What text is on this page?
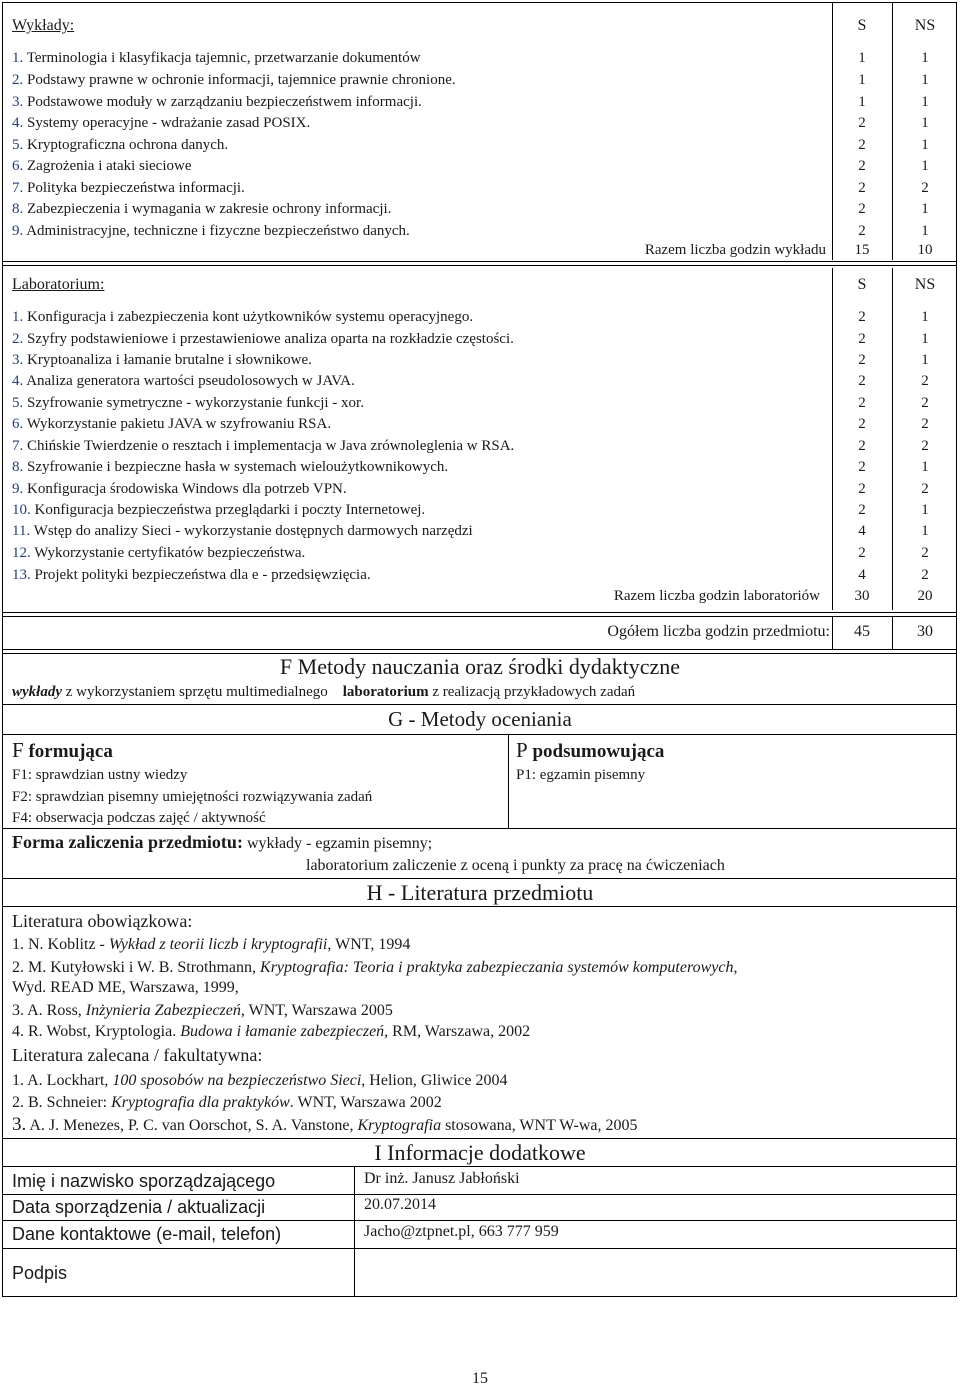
Wykłady:	S	NS
1. Terminologia i klasyfikacja tajemnic, przetwarzanie dokumentów	1	1
2. Podstawy prawne w ochronie informacji, tajemnice prawnie chronione.	1	1
3. Podstawowe moduły w zarządzaniu bezpieczeństwem informacji.	1	1
4. Systemy operacyjne - wdrażanie zasad POSIX.	2	1
5. Kryptograficzna ochrona danych.	2	1
6. Zagrożenia i ataki sieciowe	2	1
7. Polityka bezpieczeństwa informacji.	2	2
8. Zabezpieczenia i wymagania w zakresie ochrony informacji.	2	1
9. Administracyjne, techniczne i fizyczne bezpieczeństwo danych.	2	1
Razem liczba godzin wykładu	15	10
Laboratorium:	S	NS
1. Konfiguracja i zabezpieczenia kont użytkowników systemu operacyjnego.	2	1
2. Szyfry podstawieniowe i przestawieniowe analiza oparta na rozkładzie częstości.	2	1
3. Kryptoanaliza i łamanie brutalne i słownikowe.	2	1
4. Analiza generatora wartości pseudolosowych w JAVA.	2	2
5. Szyfrowanie symetryczne - wykorzystanie funkcji - xor.	2	2
6. Wykorzystanie pakietu JAVA w szyfrowaniu RSA.	2	2
7. Chińskie Twierdzenie o resztach i implementacja w Java zrównoleglenia w RSA.	2	2
8. Szyfrowanie i bezpieczne hasła w systemach wieloużytkownikowych.	2	1
9. Konfiguracja środowiska Windows dla potrzeb VPN.	2	2
10. Konfiguracja bezpieczeństwa przeglądarki i poczty Internetowej.	2	1
11. Wstęp do analizy Sieci - wykorzystanie dostępnych darmowych narzędzi	4	1
12. Wykorzystanie certyfikatów bezpieczeństwa.	2	2
13. Projekt polityki bezpieczeństwa dla e - przedsięwzięcia.	4	2
Razem liczba godzin laboratoriów	30	20
Ogółem liczba godzin przedmiotu:	45	30
F Metody nauczania oraz środki dydaktyczne
wykłady z wykorzystaniem sprzętu multimedialnego laboratorium z realizacją przykładowych zadań
G - Metody oceniania
F formująca
F1: sprawdzian ustny wiedzy
F2: sprawdzian pisemny umiejętności rozwiązywania zadań
F4: obserwacja podczas zajęć / aktywność
P podsumowująca
P1: egzamin pisemny
Forma zaliczenia przedmiotu: wykłady - egzamin pisemny;
laboratorium zaliczenie z oceną i punkty za pracę na ćwiczeniach
H - Literatura przedmiotu
Literatura obowiązkowa:
1. N. Koblitz - Wykład z teorii liczb i kryptografii, WNT, 1994
2. M. Kutyłowski i W. B. Strothmann, Kryptografia: Teoria i praktyka zabezpieczania systemów komputerowych,
Wyd. READ ME, Warszawa, 1999,
3. A. Ross, Inżynieria Zabezpieczeń, WNT, Warszawa 2005
4. R. Wobst, Kryptologia. Budowa i łamanie zabezpieczeń, RM, Warszawa, 2002
Literatura zalecana / fakultatywna:
1. A. Lockhart, 100 sposobów na bezpieczeństwo Sieci, Helion, Gliwice 2004
2. B. Schneier: Kryptografia dla praktyków. WNT, Warszawa 2002
3. A. J. Menezes, P. C. van Oorschot, S. A. Vanstone, Kryptografia stosowana, WNT W-wa, 2005
I Informacje dodatkowe
Imię i nazwisko sporządzającego	Dr inż. Janusz Jabłoński
Data sporządzenia / aktualizacji	20.07.2014
Dane kontaktowe (e-mail, telefon)	Jacho@ztpnet.pl, 663 777 959
Podpis
15
